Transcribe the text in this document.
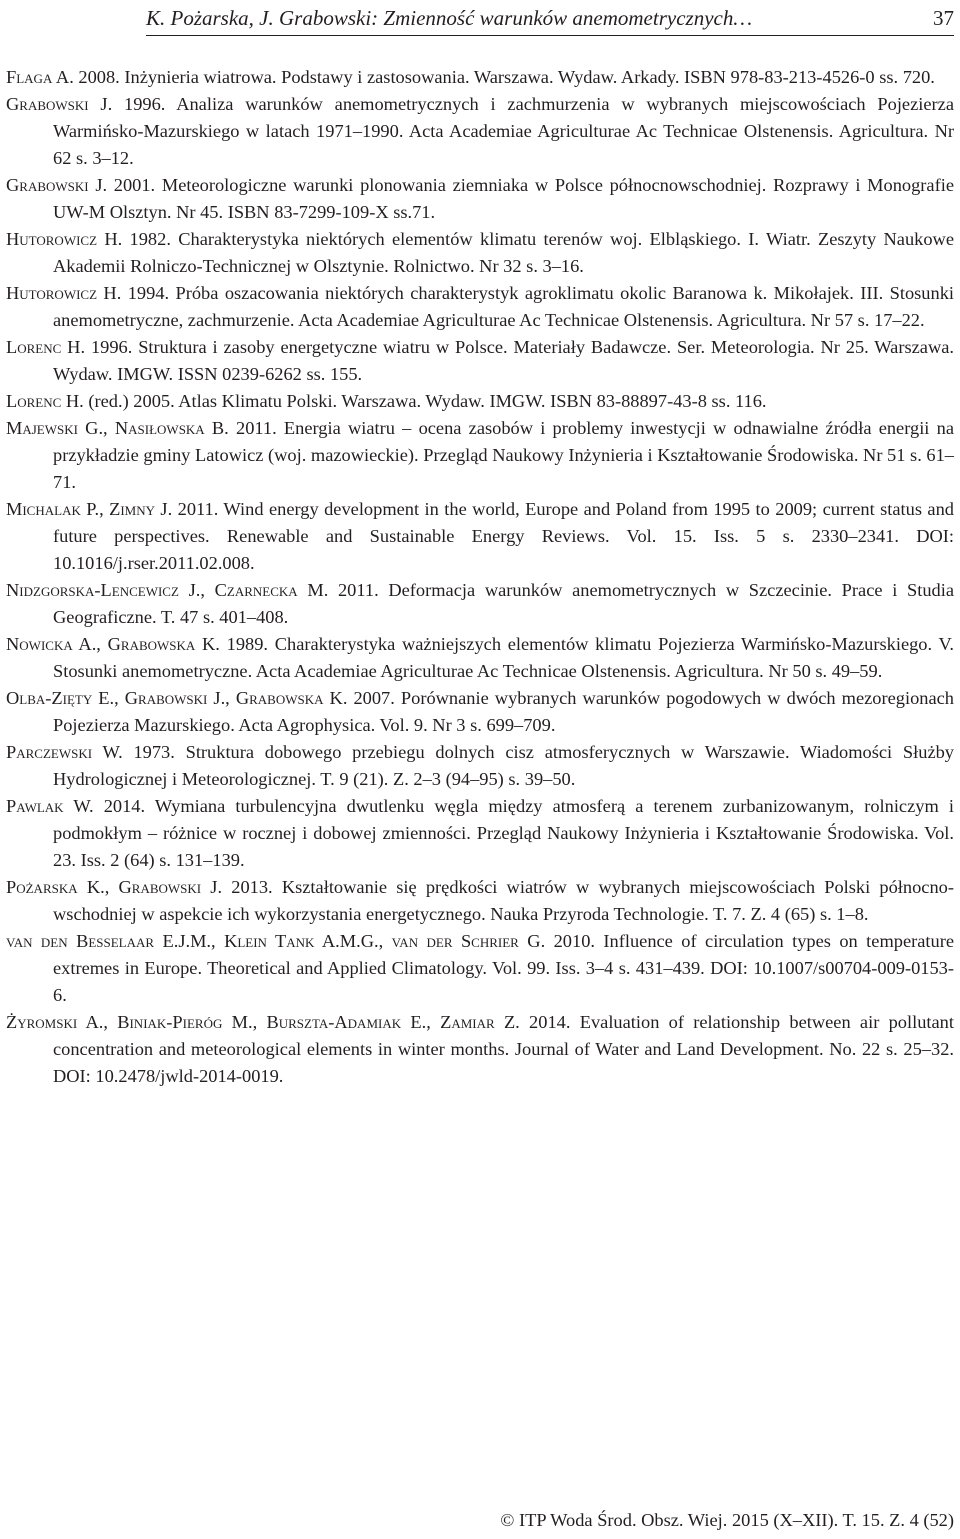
K. Pożarska, J. Grabowski: Zmienność warunków anemometrycznych…	37
Flaga A. 2008. Inżynieria wiatrowa. Podstawy i zastosowania. Warszawa. Wydaw. Arkady. ISBN 978-83-213-4526-0 ss. 720.
Grabowski J. 1996. Analiza warunków anemometrycznych i zachmurzenia w wybranych miejscowościach Pojezierza Warmińsko-Mazurskiego w latach 1971–1990. Acta Academiae Agriculturae Ac Technicae Olstenensis. Agricultura. Nr 62 s. 3–12.
Grabowski J. 2001. Meteorologiczne warunki plonowania ziemniaka w Polsce północnowschodniej. Rozprawy i Monografie UW-M Olsztyn. Nr 45. ISBN 83-7299-109-X ss.71.
Hutorowicz H. 1982. Charakterystyka niektórych elementów klimatu terenów woj. Elbląskiego. I. Wiatr. Zeszyty Naukowe Akademii Rolniczo-Technicznej w Olsztynie. Rolnictwo. Nr 32 s. 3–16.
Hutorowicz H. 1994. Próba oszacowania niektórych charakterystyk agroklimatu okolic Baranowa k. Mikołajek. III. Stosunki anemometryczne, zachmurzenie. Acta Academiae Agriculturae Ac Technicae Olstenensis. Agricultura. Nr 57 s. 17–22.
Lorenc H. 1996. Struktura i zasoby energetyczne wiatru w Polsce. Materiały Badawcze. Ser. Meteorologia. Nr 25. Warszawa. Wydaw. IMGW. ISSN 0239-6262 ss. 155.
Lorenc H. (red.) 2005. Atlas Klimatu Polski. Warszawa. Wydaw. IMGW. ISBN 83-88897-43-8 ss. 116.
Majewski G., Nasiłowska B. 2011. Energia wiatru – ocena zasobów i problemy inwestycji w odnawialne źródła energii na przykładzie gminy Latowicz (woj. mazowieckie). Przegląd Naukowy Inżynieria i Kształtowanie Środowiska. Nr 51 s. 61–71.
Michalak P., Zimny J. 2011. Wind energy development in the world, Europe and Poland from 1995 to 2009; current status and future perspectives. Renewable and Sustainable Energy Reviews. Vol. 15. Iss. 5 s. 2330–2341. DOI: 10.1016/j.rser.2011.02.008.
Nidzgorska-Lencewicz J., Czarnecka M. 2011. Deformacja warunków anemometrycznych w Szczecinie. Prace i Studia Geograficzne. T. 47 s. 401–408.
Nowicka A., Grabowska K. 1989. Charakterystyka ważniejszych elementów klimatu Pojezierza Warmińsko-Mazurskiego. V. Stosunki anemometryczne. Acta Academiae Agriculturae Ac Technicae Olstenensis. Agricultura. Nr 50 s. 49–59.
Olba-Zięty E., Grabowski J., Grabowska K. 2007. Porównanie wybranych warunków pogodowych w dwóch mezoregionach Pojezierza Mazurskiego. Acta Agrophysica. Vol. 9. Nr 3 s. 699–709.
Parczewski W. 1973. Struktura dobowego przebiegu dolnych cisz atmosferycznych w Warszawie. Wiadomości Służby Hydrologicznej i Meteorologicznej. T. 9 (21). Z. 2–3 (94–95) s. 39–50.
Pawlak W. 2014. Wymiana turbulencyjna dwutlenku węgla między atmosferą a terenem zurbanizowanym, rolniczym i podmokłym – różnice w rocznej i dobowej zmienności. Przegląd Naukowy Inżynieria i Kształtowanie Środowiska. Vol. 23. Iss. 2 (64) s. 131–139.
Pożarska K., Grabowski J. 2013. Kształtowanie się prędkości wiatrów w wybranych miejscowościach Polski północno-wschodniej w aspekcie ich wykorzystania energetycznego. Nauka Przyroda Technologie. T. 7. Z. 4 (65) s. 1–8.
van den Besselaar E.J.M., Klein Tank A.M.G., van der Schrier G. 2010. Influence of circulation types on temperature extremes in Europe. Theoretical and Applied Climatology. Vol. 99. Iss. 3–4 s. 431–439. DOI: 10.1007/s00704-009-0153-6.
Żyromski A., Biniak-Pieróg M., Burszta-Adamiak E., Zamiar Z. 2014. Evaluation of relationship between air pollutant concentration and meteorological elements in winter months. Journal of Water and Land Development. No. 22 s. 25–32. DOI: 10.2478/jwld-2014-0019.
© ITP Woda Środ. Obsz. Wiej. 2015 (X–XII). T. 15. Z. 4 (52)
